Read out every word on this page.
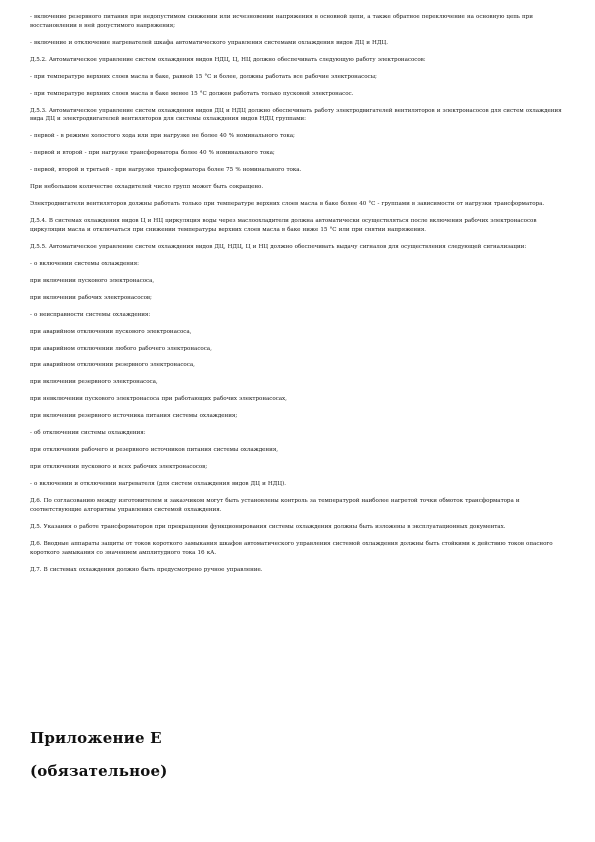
- включение резервного питания при недопустимом снижении или исчезновении напряжения в основной цепи, а также обратное переключение на основную цепь при восстановлении в ней допустимого напряжения;

- включение и отключение нагревателей шкафа автоматического управления системами охлаждения видов ДЦ и НДЦ.

Д.5.2. Автоматическое управление систем охлаждения видов НДЦ, Ц, НЦ должно обеспечивать следующую работу электронасосов:

- при температуре верхних слоев масла в баке, равной 15 °С и более, должны работать все рабочие электронасосы;

- при температуре верхних слоев масла в баке менее 15 °С должен работать только пусковой электронасос.

Д.5.3. Автоматическое управление систем охлаждения видов ДЦ и НДЦ должно обеспечивать работу электродвигателей вентиляторов и электронасосов для систем охлаждения вида ДЦ и электродвигателей вентиляторов для системы охлаждения видов НДЦ группами:

- первой - в режиме холостого хода или при нагрузке не более 40 % номинального тока;

- первой и второй - при нагрузке трансформатора более 40 % номинального тока;

- первой, второй и третьей - при нагрузке трансформатора более 75 % номинального тока.

При небольшом количестве охладителей число групп может быть сокращено.

Электродвигатели вентиляторов должны работать только при температуре верхних слоев масла в баке более 40 °С - группами в зависимости от нагрузки трансформатора.

Д.5.4. В системах охлаждения видов Ц и НЦ циркуляция воды через маслоохладители должна автоматически осуществляться после включения рабочих электронасосов циркуляции масла и отключаться при снижении температуры верхних слоев масла в баке ниже 15 °С или при снятии напряжения.

Д.5.5. Автоматическое управление систем охлаждения видов ДЦ, НДЦ, Ц и НЦ должно обеспечивать выдачу сигналов для осуществления следующей сигнализации:

- о включении системы охлаждения:

при включении пускового электронасоса,

при включении рабочих электронасосов;

- о неисправности системы охлаждения:

при аварийном отключении пускового электронасоса,

при аварийном отключении любого рабочего электронасоса,

при аварийном отключении резервного электронасоса,

при включении резервного электронасоса,

при невключении пускового электронасоса при работающих рабочих электронасосах,

при включении резервного источника питания системы охлаждения;

- об отключении системы охлаждения:

при отключении рабочего и резервного источников питания системы охлаждения,

при отключении пускового и всех рабочих электронасосов;

- о включении и отключении нагревателя (для систем охлаждения видов ДЦ и НДЦ).

Д.6. По согласованию между изготовителем и заказчиком могут быть установлены контроль за температурой наиболее нагретой точки обмоток трансформатора и соответствующие алгоритмы управления системой охлаждения.

Д.5. Указания о работе трансформаторов при прекращении функционирования системы охлаждения должны быть изложены в эксплуатационных документах.

Д.6. Вводные аппараты защиты от токов короткого замыкания шкафов автоматического управления системой охлаждения должны быть стойкими к действию токов опасного короткого замыкания со значением амплитудного тока 16 кА.

Д.7. В системах охлаждения должно быть предусмотрено ручное управление.

Приложение Е
(обязательное)
